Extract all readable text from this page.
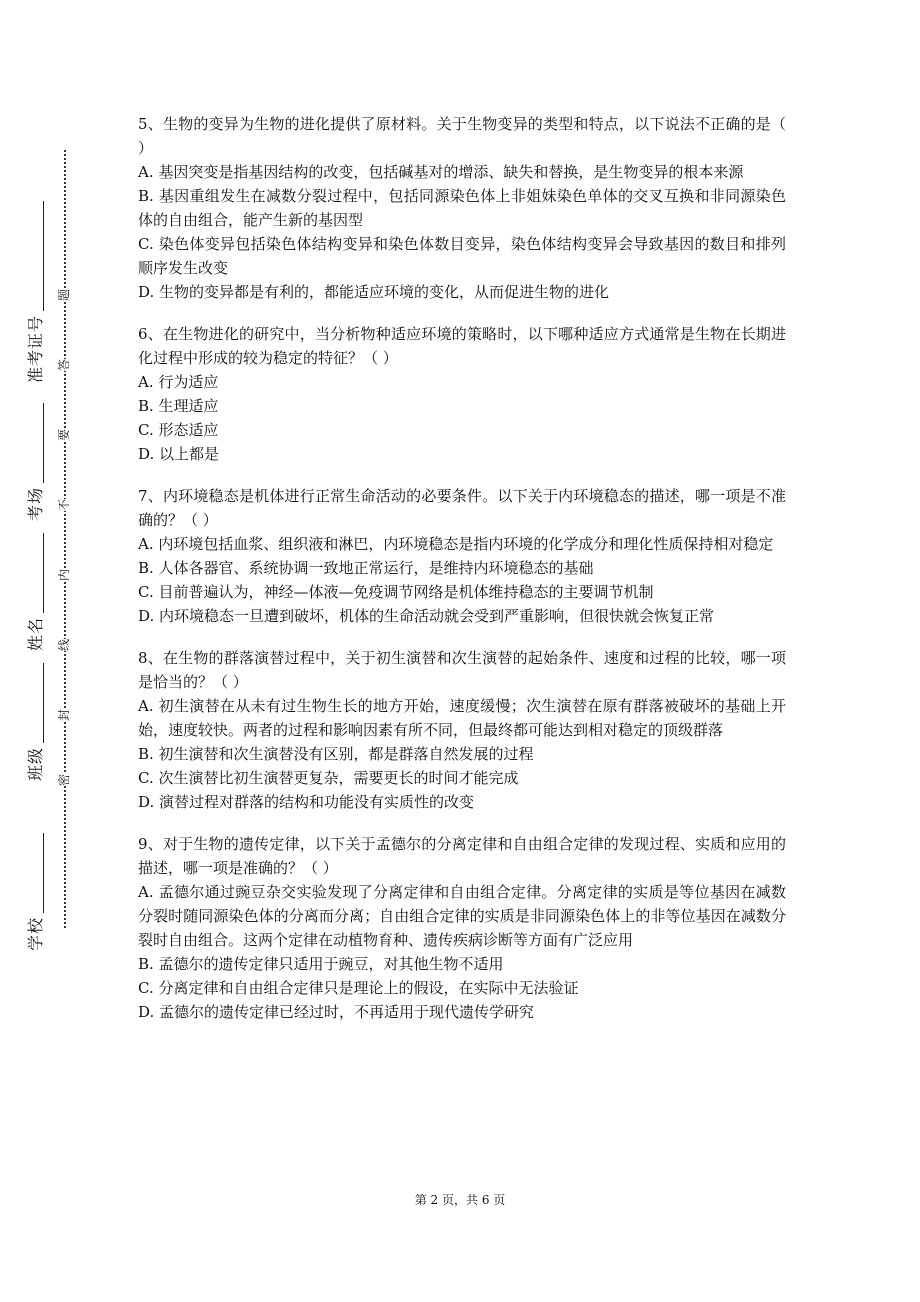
学校
班级
姓名
考场
准考证号
密
封
线
内
不
要
答
题

5、生物的变异为生物的进化提供了原材料。关于生物变异的类型和特点，以下说法不正确的是（ ）

A. 基因突变是指基因结构的改变，包括碱基对的增添、缺失和替换，是生物变异的根本来源

B. 基因重组发生在减数分裂过程中，包括同源染色体上非姐妹染色单体的交叉互换和非同源染色体的自由组合，能产生新的基因型

C. 染色体变异包括染色体结构变异和染色体数目变异，染色体结构变异会导致基因的数目和排列顺序发生改变

D. 生物的变异都是有利的，都能适应环境的变化，从而促进生物的进化

6、在生物进化的研究中，当分析物种适应环境的策略时，以下哪种适应方式通常是生物在长期进化过程中形成的较为稳定的特征？（ ）

A. 行为适应

B. 生理适应

C. 形态适应

D. 以上都是

7、内环境稳态是机体进行正常生命活动的必要条件。以下关于内环境稳态的描述，哪一项是不准确的？（ ）

A. 内环境包括血浆、组织液和淋巴，内环境稳态是指内环境的化学成分和理化性质保持相对稳定

B. 人体各器官、系统协调一致地正常运行，是维持内环境稳态的基础

C. 目前普遍认为，神经—体液—免疫调节网络是机体维持稳态的主要调节机制

D. 内环境稳态一旦遭到破坏，机体的生命活动就会受到严重影响，但很快就会恢复正常

8、在生物的群落演替过程中，关于初生演替和次生演替的起始条件、速度和过程的比较，哪一项是恰当的？（ ）

A. 初生演替在从未有过生物生长的地方开始，速度缓慢；次生演替在原有群落被破坏的基础上开始，速度较快。两者的过程和影响因素有所不同，但最终都可能达到相对稳定的顶级群落

B. 初生演替和次生演替没有区别，都是群落自然发展的过程

C. 次生演替比初生演替更复杂，需要更长的时间才能完成

D. 演替过程对群落的结构和功能没有实质性的改变

9、对于生物的遗传定律，以下关于孟德尔的分离定律和自由组合定律的发现过程、实质和应用的描述，哪一项是准确的？（ ）

A. 孟德尔通过豌豆杂交实验发现了分离定律和自由组合定律。分离定律的实质是等位基因在减数分裂时随同源染色体的分离而分离；自由组合定律的实质是非同源染色体上的非等位基因在减数分裂时自由组合。这两个定律在动植物育种、遗传疾病诊断等方面有广泛应用

B. 孟德尔的遗传定律只适用于豌豆，对其他生物不适用

C. 分离定律和自由组合定律只是理论上的假设，在实际中无法验证

D. 孟德尔的遗传定律已经过时，不再适用于现代遗传学研究

第 2 页，共 6 页
